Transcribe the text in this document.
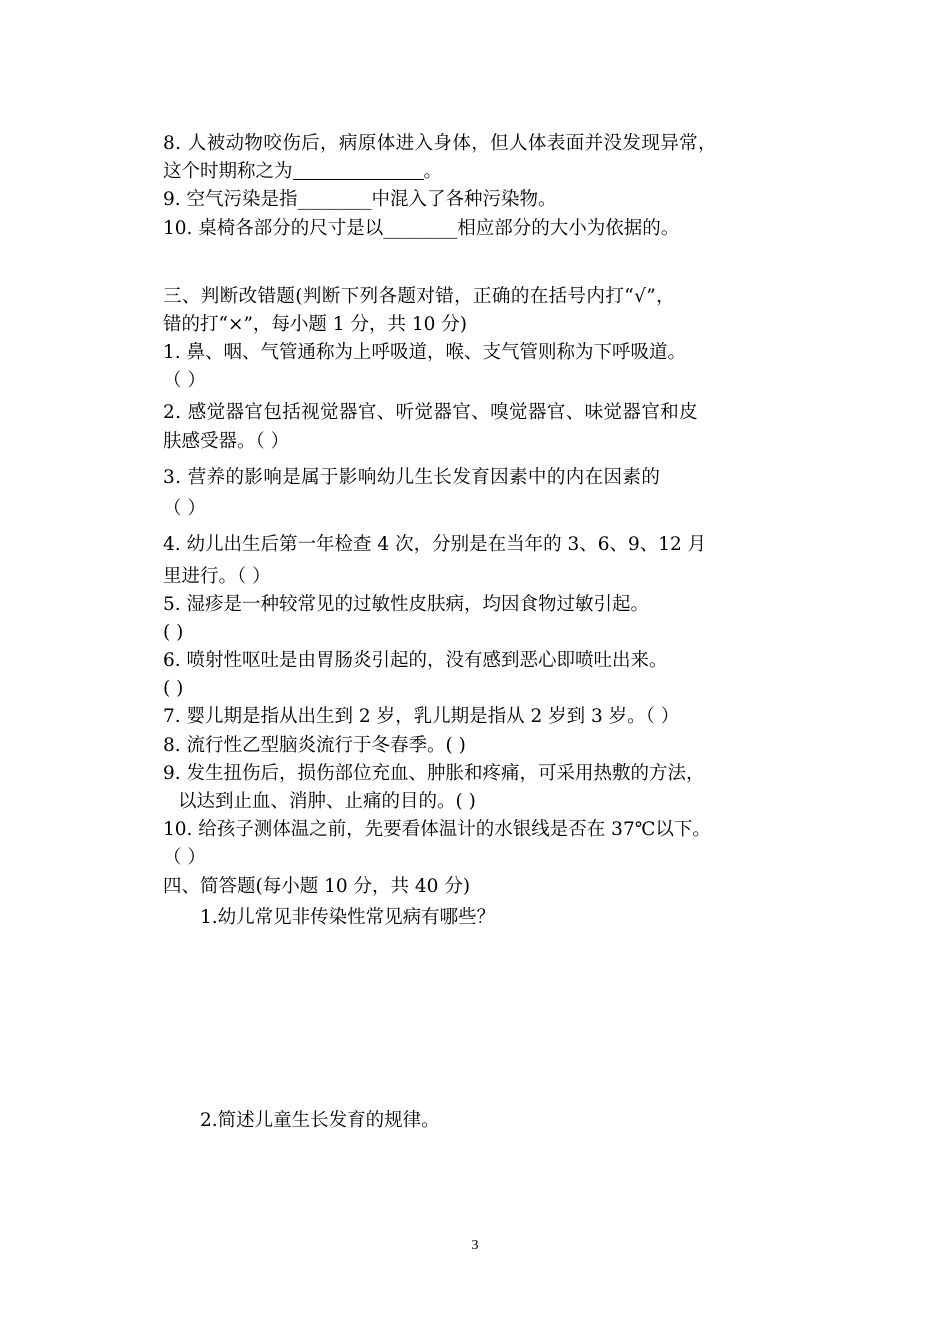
8. 人被动物咬伤后，病原体进入身体，但人体表面并没发现异常，
这个时期称之为	。
9. 空气污染是指________中混入了各种污染物。
10. 桌椅各部分的尺寸是以________相应部分的大小为依据的。
三、判断改错题(判断下列各题对错，正确的在括号内打“√”，
错的打“×”，每小题 1 分，共 10 分)
1. 鼻、咽、气管通称为上呼吸道，喉、支气管则称为下呼吸道。
（ ）
2. 感觉器官包括视觉器官、听觉器官、嗅觉器官、味觉器官和皮
肤感受器。（ ）
3. 营养的影响是属于影响幼儿生长发育因素中的内在因素的
（ ）
4. 幼儿出生后第一年检查 4 次，分别是在当年的 3、6、9、12 月
里进行。（ ）
5. 湿疹是一种较常见的过敏性皮肤病，均因食物过敏引起。
( )
6. 喷射性呕吐是由胃肠炎引起的，没有感到恶心即喷吐出来。
( )
7. 婴儿期是指从出生到 2 岁，乳儿期是指从 2 岁到 3 岁。（ ）
8. 流行性乙型脑炎流行于冬春季。( )
9. 发生扭伤后，损伤部位充血、肿胀和疼痛，可采用热敷的方法，
以达到止血、消肿、止痛的目的。( )
10. 给孩子测体温之前，先要看体温计的水银线是否在 37℃以下。
（ ）
四、简答题(每小题 10 分，共 40 分)
1.幼儿常见非传染性常见病有哪些？
2.简述儿童生长发育的规律。
3
